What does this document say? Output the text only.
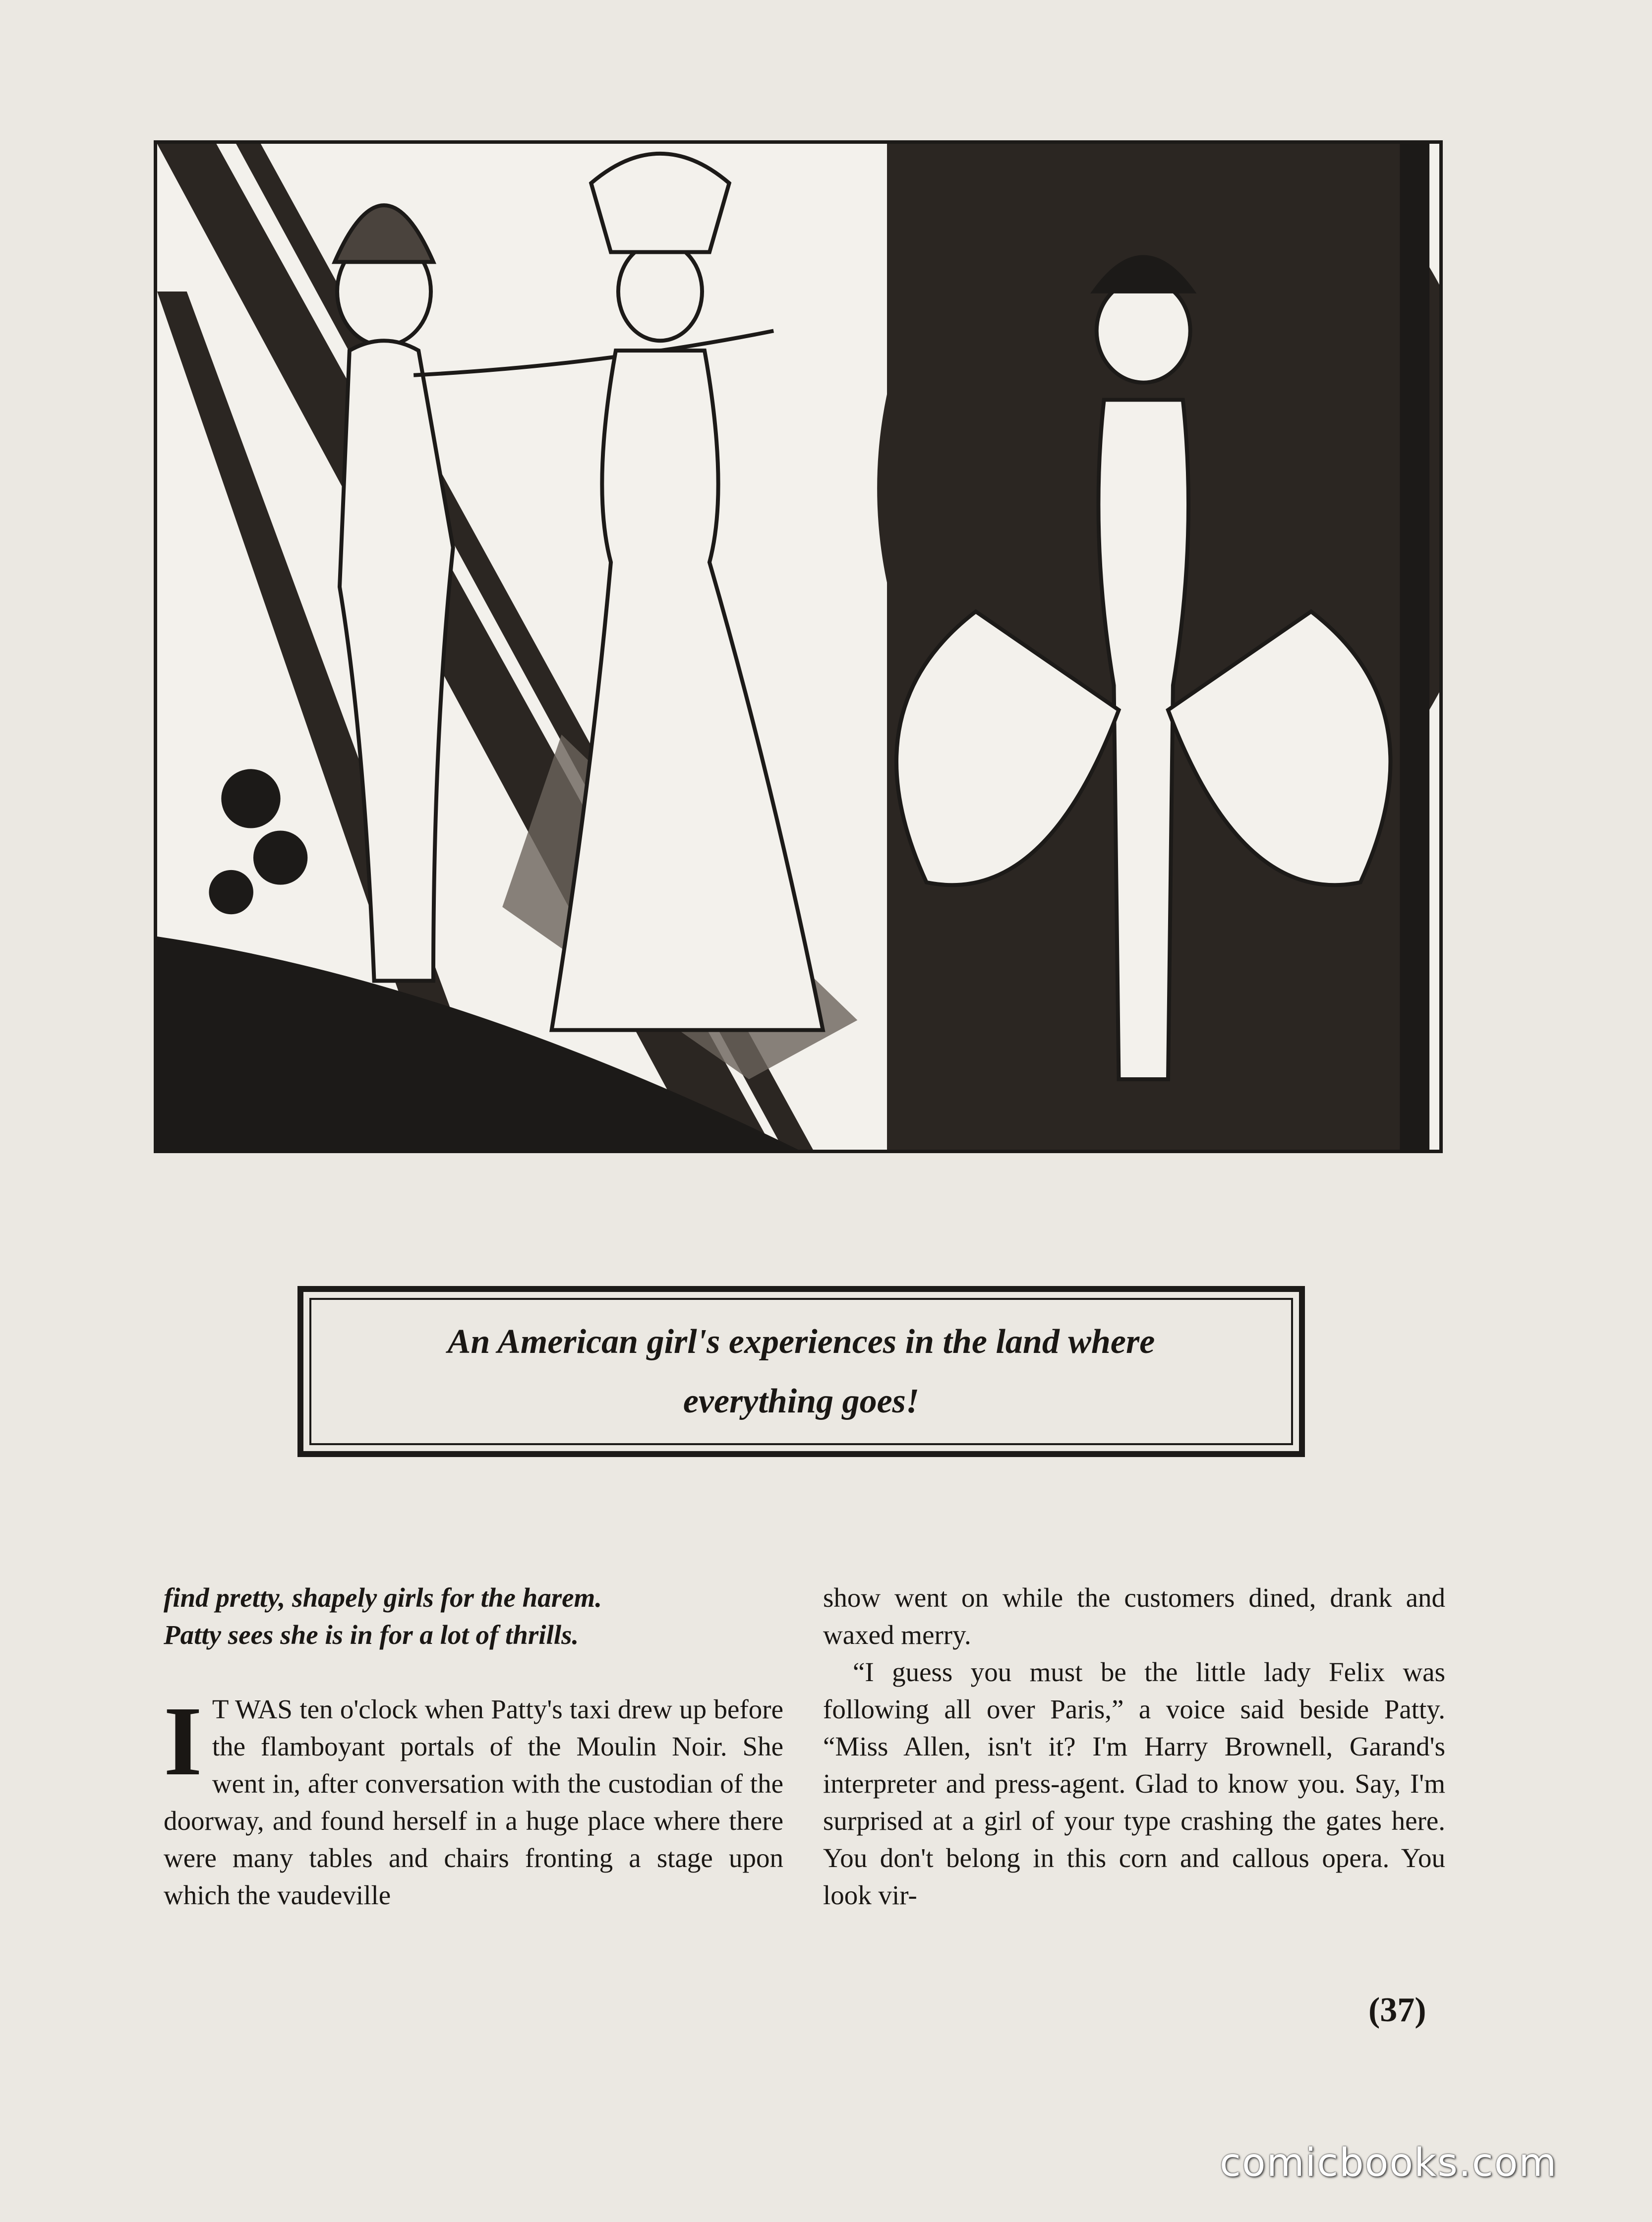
An American girl's experiences in the land where
everything goes!
find pretty, shapely girls for the harem.
Patty sees she is in for a lot of thrills.

I T WAS ten o'clock when Patty's taxi drew up before the flamboyant portals of the Moulin Noir. She went in, after conversation with the custodian of the doorway, and found herself in a huge place where there were many tables and chairs fronting a stage upon which the vaudeville

show went on while the customers dined, drank and waxed merry.

“I guess you must be the little lady Felix was following all over Paris,” a voice said beside Patty. “Miss Allen, isn't it? I'm Harry Brownell, Garand's interpreter and press-agent. Glad to know you. Say, I'm surprised at a girl of your type crashing the gates here. You don't belong in this corn and callous opera. You look vir-

(37)
comicbooks.com
